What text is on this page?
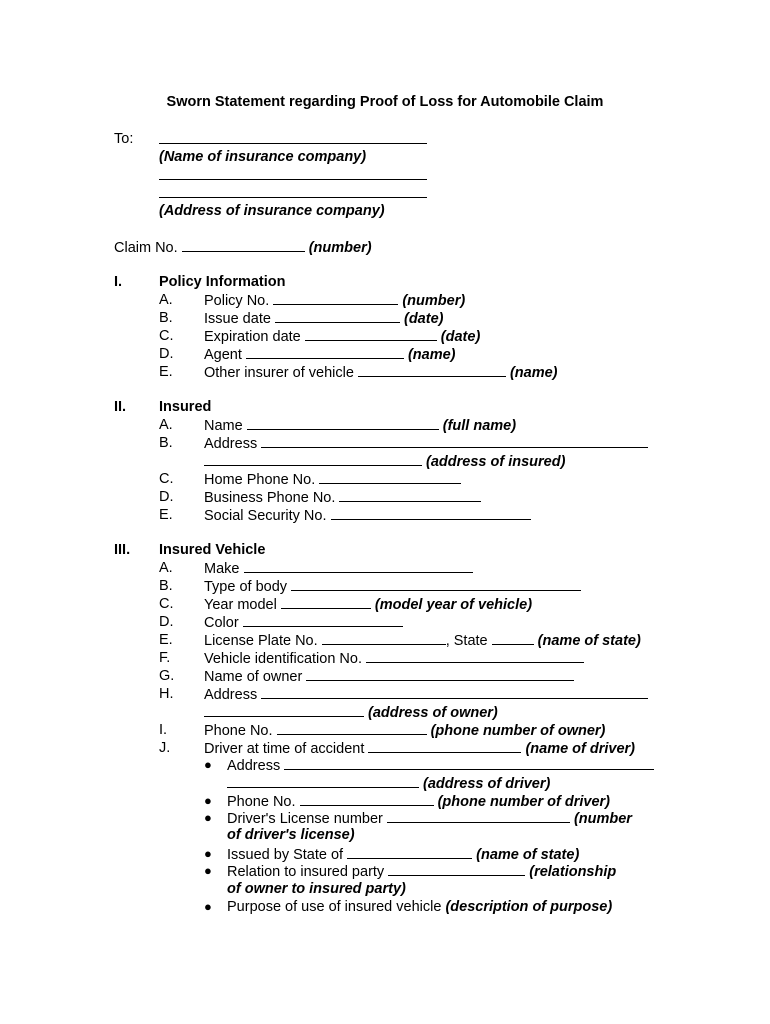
Sworn Statement regarding Proof of Loss for Automobile Claim
To:
(Name of insurance company)
(Address of insurance company)
Claim No.	(number)
I.	Policy Information
A. Policy No.	(number)
B. Issue date	(date)
C. Expiration date	(date)
D. Agent	(name)
E. Other insurer of vehicle	(name)
II. Insured
A. Name	(full name)
B. Address
(address of insured)
C. Home Phone No.
D. Business Phone No.
E. Social Security No.
III. Insured Vehicle
A. Make
B. Type of body
C. Year model	(model year of vehicle)
D. Color
E. License Plate No.	, State	(name of state)
F. Vehicle identification No.
G. Name of owner
H. Address
(address of owner)
I.	Phone No.	(phone number of owner)
J. Driver at time of accident	(name of driver)
● Address
(address of driver)
● Phone No.	(phone number of driver)
● Driver's License number	(number
of driver's license)
● Issued by State of	(name of state)
● Relation to insured party	(relationship
of owner to insured party)
● Purpose of use of insured vehicle (description of purpose)
